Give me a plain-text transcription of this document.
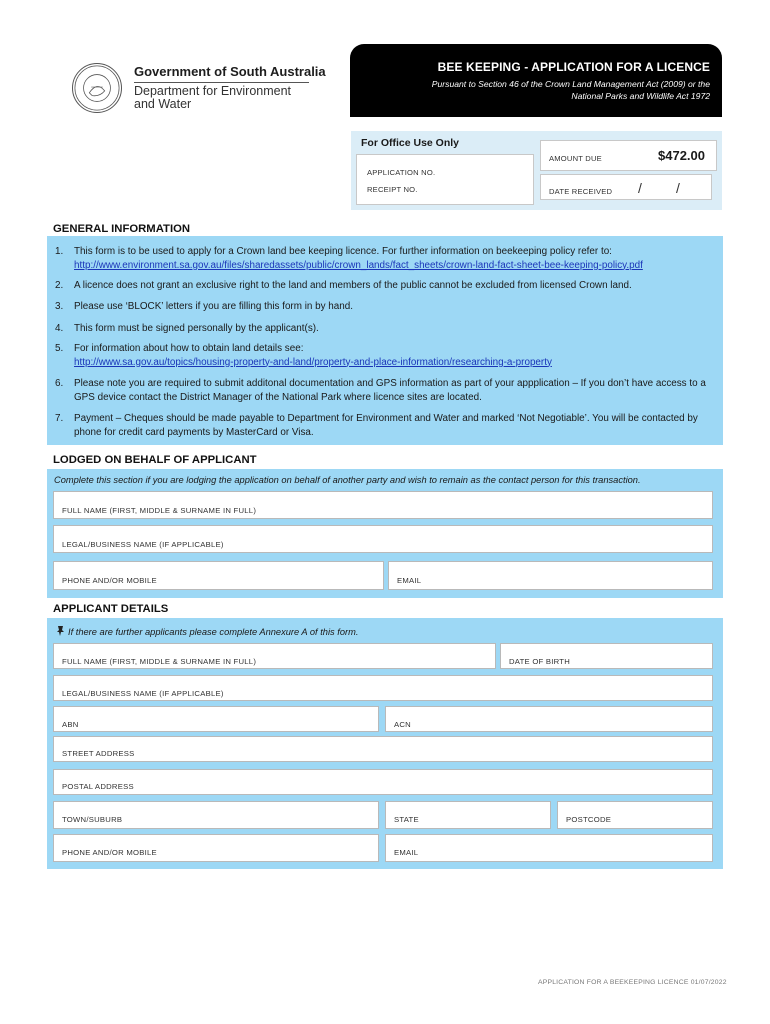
Government of South Australia
Department for Environment
and Water
BEE KEEPING - APPLICATION FOR A LICENCE
Pursuant to Section 46 of the Crown Land Management Act (2009) or the
National Parks and Wildlife Act 1972
For Office Use Only
APPLICATION NO.
RECEIPT NO.
AMOUNT DUE	$472.00
DATE RECEIVED / /
GENERAL INFORMATION
1. This form is to be used to apply for a Crown land bee keeping licence. For further information on beekeeping policy refer to:
http://www.environment.sa.gov.au/files/sharedassets/public/crown_lands/fact_sheets/crown-land-fact-sheet-bee-keeping-policy.pdf
2. A licence does not grant an exclusive right to the land and members of the public cannot be excluded from licensed Crown land.
3. Please use ‘BLOCK’ letters if you are filling this form in by hand.
4. This form must be signed personally by the applicant(s).
5. For information about how to obtain land details see:
http://www.sa.gov.au/topics/housing-property-and-land/property-and-place-information/researching-a-property
6. Please note you are required to submit additonal documentation and GPS information as part of your appplication – If you don’t have access to a GPS device contact the District Manager of the National Park where licence sites are located.
7. Payment – Cheques should be made payable to Department for Environment and Water and marked ‘Not Negotiable’. You will be contacted by phone for credit card payments by MasterCard or Visa.
LODGED ON BEHALF OF APPLICANT
Complete this section if you are lodging the application on behalf of another party and wish to remain as the contact person for this transaction.
FULL NAME (FIRST, MIDDLE & SURNAME IN FULL)
LEGAL/BUSINESS NAME (IF APPLICABLE)
PHONE AND/OR MOBILE	EMAIL
APPLICANT DETAILS
If there are further applicants please complete Annexure A of this form.
FULL NAME (FIRST, MIDDLE & SURNAME IN FULL)	DATE OF BIRTH
LEGAL/BUSINESS NAME (IF APPLICABLE)
ABN	ACN
STREET ADDRESS
POSTAL ADDRESS
TOWN/SUBURB	STATE	POSTCODE
PHONE AND/OR MOBILE	EMAIL
APPLICATION FOR A BEEKEEPING LICENCE 01/07/2022
